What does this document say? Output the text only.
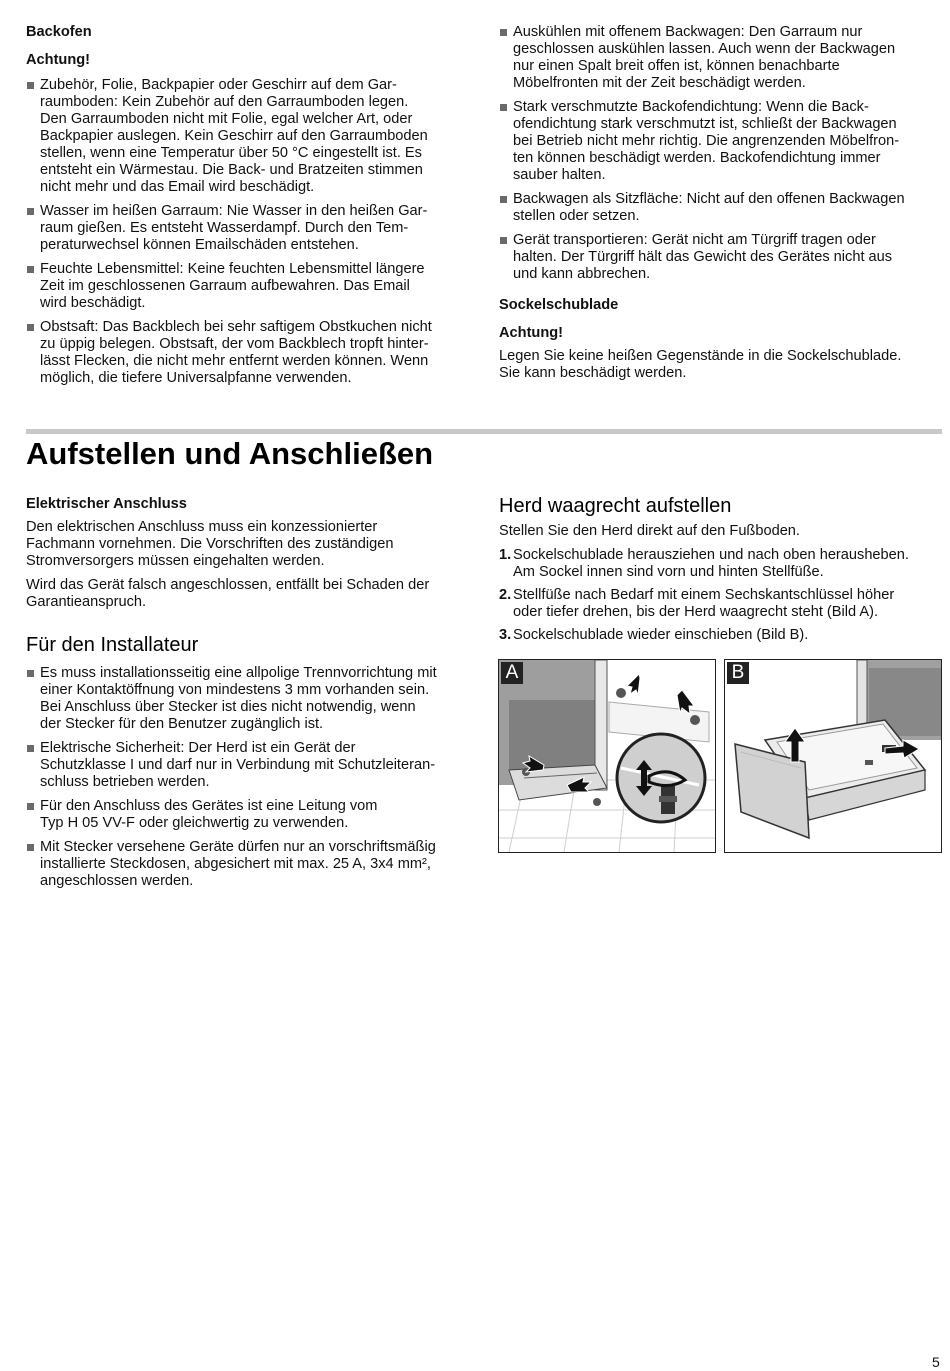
Backofen
Achtung!
Zubehör, Folie, Backpapier oder Geschirr auf dem Gar-
raumboden: Kein Zubehör auf den Garraumboden legen.
Den Garraumboden nicht mit Folie, egal welcher Art, oder
Backpapier auslegen. Kein Geschirr auf den Garraumboden
stellen, wenn eine Temperatur über 50 °C eingestellt ist. Es
entsteht ein Wärmestau. Die Back- und Bratzeiten stimmen
nicht mehr und das Email wird beschädigt.
Wasser im heißen Garraum: Nie Wasser in den heißen Gar-
raum gießen. Es entsteht Wasserdampf. Durch den Tem-
peraturwechsel können Emailschäden entstehen.
Feuchte Lebensmittel: Keine feuchten Lebensmittel längere
Zeit im geschlossenen Garraum aufbewahren. Das Email
wird beschädigt.
Obstsaft: Das Backblech bei sehr saftigem Obstkuchen nicht
zu üppig belegen. Obstsaft, der vom Backblech tropft hinter-
lässt Flecken, die nicht mehr entfernt werden können. Wenn
möglich, die tiefere Universalpfanne verwenden.
Auskühlen mit offenem Backwagen: Den Garraum nur
geschlossen auskühlen lassen. Auch wenn der Backwagen
nur einen Spalt breit offen ist, können benachbarte
Möbelfronten mit der Zeit beschädigt werden.
Stark verschmutzte Backofendichtung: Wenn die Back-
ofendichtung stark verschmutzt ist, schließt der Backwagen
bei Betrieb nicht mehr richtig. Die angrenzenden Möbelfron-
ten können beschädigt werden. Backofendichtung immer
sauber halten.
Backwagen als Sitzfläche: Nicht auf den offenen Backwagen
stellen oder setzen.
Gerät transportieren: Gerät nicht am Türgriff tragen oder
halten. Der Türgriff hält das Gewicht des Gerätes nicht aus
und kann abbrechen.
Sockelschublade
Achtung!
Legen Sie keine heißen Gegenstände in die Sockelschublade.
Sie kann beschädigt werden.
Aufstellen und Anschließen
Elektrischer Anschluss
Den elektrischen Anschluss muss ein konzessionierter
Fachmann vornehmen. Die Vorschriften des zuständigen
Stromversorgers müssen eingehalten werden.
Wird das Gerät falsch angeschlossen, entfällt bei Schaden der
Garantieanspruch.
Für den Installateur
Es muss installationsseitig eine allpolige Trennvorrichtung mit
einer Kontaktöffnung von mindestens 3 mm vorhanden sein.
Bei Anschluss über Stecker ist dies nicht notwendig, wenn
der Stecker für den Benutzer zugänglich ist.
Elektrische Sicherheit: Der Herd ist ein Gerät der
Schutzklasse I und darf nur in Verbindung mit Schutzleiteran-
schluss betrieben werden.
Für den Anschluss des Gerätes ist eine Leitung vom
Typ H 05 VV-F oder gleichwertig zu verwenden.
Mit Stecker versehene Geräte dürfen nur an vorschriftsmäßig
installierte Steckdosen, abgesichert mit max. 25 A, 3x4 mm²,
angeschlossen werden.
Herd waagrecht aufstellen
Stellen Sie den Herd direkt auf den Fußboden.
1. Sockelschublade herausziehen und nach oben herausheben.
Am Sockel innen sind vorn und hinten Stellfüße.
2. Stellfüße nach Bedarf mit einem Sechskantschlüssel höher
oder tiefer drehen, bis der Herd waagrecht steht (Bild A).
3. Sockelschublade wieder einschieben (Bild B).
A	B
5
